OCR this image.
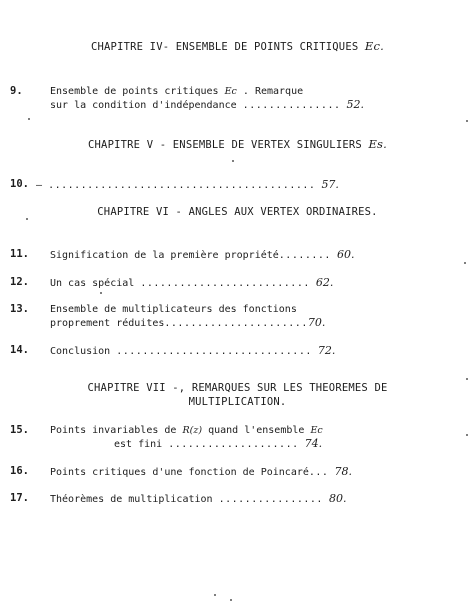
CHAPITRE IV- ENSEMBLE DE POINTS CRITIQUES Ec.
9.	Ensemble de points critiques Ec . Remarque
sur la condition d'indépendance ............... 52.
CHAPITRE V - ENSEMBLE DE VERTEX SINGULIERS Es.
10. — ......................................... 57.
CHAPITRE VI - ANGLES AUX VERTEX ORDINAIRES.
11. Signification de la première propriété........ 60.
12. Un cas spécial .......................... 62.
13. Ensemble de multiplicateurs des fonctions
proprement réduites......................70.
14. Conclusion .............................. 72.
CHAPITRE VII -, REMARQUES SUR LES THEOREMES DE
MULTIPLICATION.
15. Points invariables de R(z) quand l'ensemble Ec
est fini .................... 74.
16. Points critiques d'une fonction de Poincaré... 78.
17. Théorèmes de multiplication ................ 80.
